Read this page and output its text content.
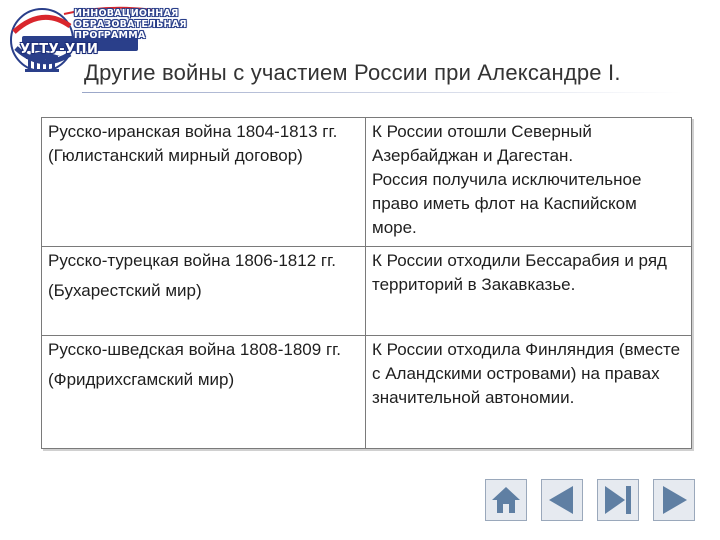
ИННОВАЦИОННАЯ
ОБРАЗОВАТЕЛЬНАЯ
ПРОГРАММА
УГТУ-УПИ
Другие войны с участием России при Александре I.
Русско-иранская война 1804-1813 гг.
(Гюлистанский мирный договор)	К России отошли Северный Азербайджан и Дагестан.
Россия получила исключительное право иметь флот на Каспийском море.

Русско-турецкая война 1806-1812 гг.
(Бухарестский мир)	К России отходили Бессарабия и ряд территорий в Закавказье.

Русско-шведская война 1808-1809 гг.
(Фридрихсгамский мир)	К России отходила Финляндия (вместе с Аландскими островами) на правах значительной автономии.
